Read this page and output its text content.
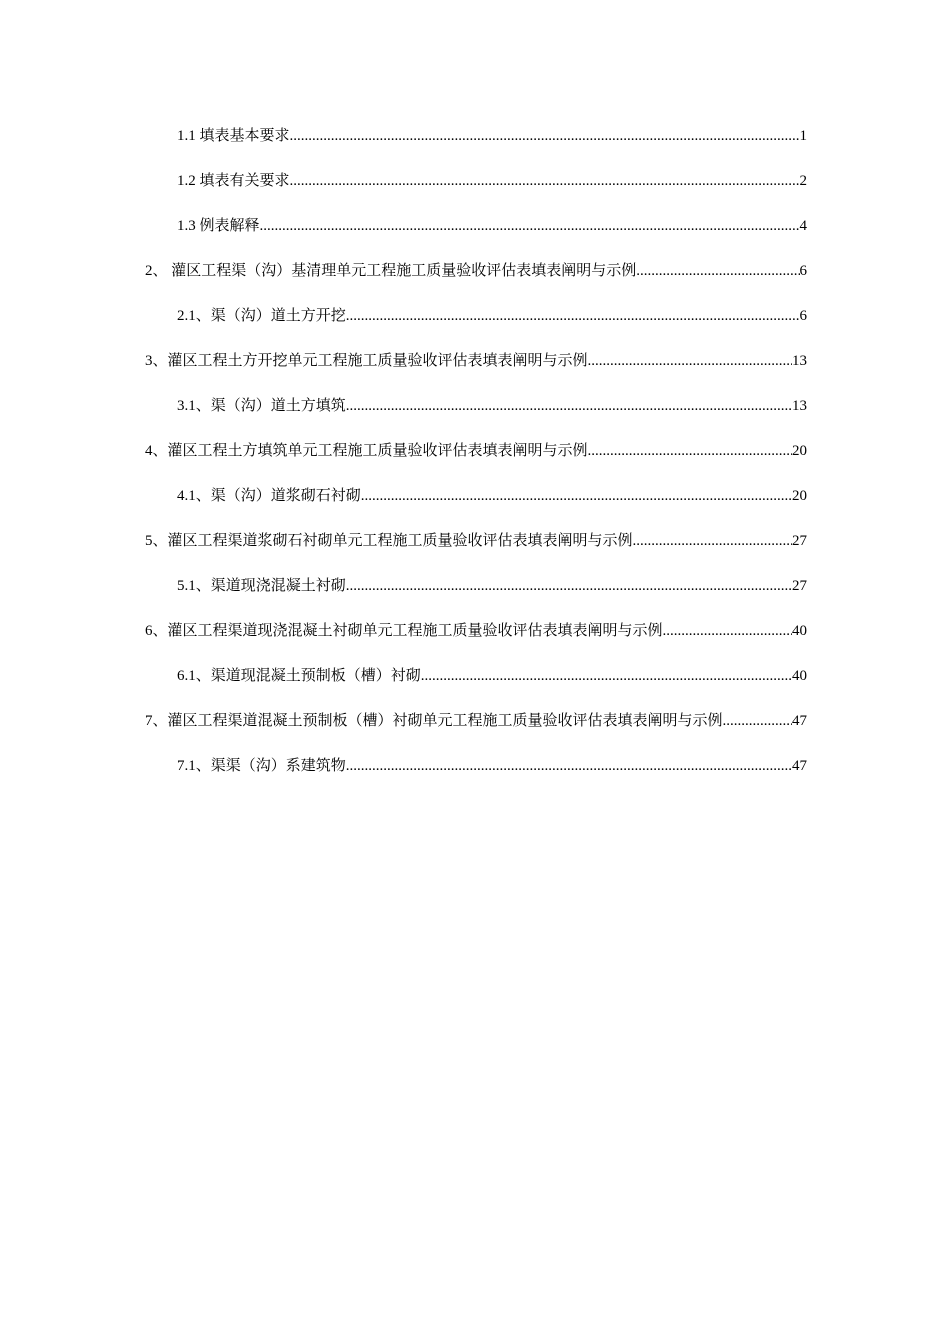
1.1 填表基本要求 .....	1
1.2 填表有关要求 .....	2
1.3 例表解释 .....	4
2、 灌区工程渠（沟）基清理单元工程施工质量验收评估表填表阐明与示例 .....	6
2.1、渠（沟）道土方开挖 .....	6
3、灌区工程土方开挖单元工程施工质量验收评估表填表阐明与示例 .....	13
3.1、渠（沟）道土方填筑 .....	13
4、灌区工程土方填筑单元工程施工质量验收评估表填表阐明与示例 .....	20
4.1、渠（沟）道浆砌石衬砌 .....	20
5、灌区工程渠道浆砌石衬砌单元工程施工质量验收评估表填表阐明与示例 .....	27
5.1、渠道现浇混凝土衬砌 .....	27
6、灌区工程渠道现浇混凝土衬砌单元工程施工质量验收评估表填表阐明与示例 .....	40
6.1、渠道现混凝土预制板（槽）衬砌 .....	40
7、灌区工程渠道混凝土预制板（槽）衬砌单元工程施工质量验收评估表填表阐明与示例 .....	47
7.1、渠渠（沟）系建筑物 .....	47
